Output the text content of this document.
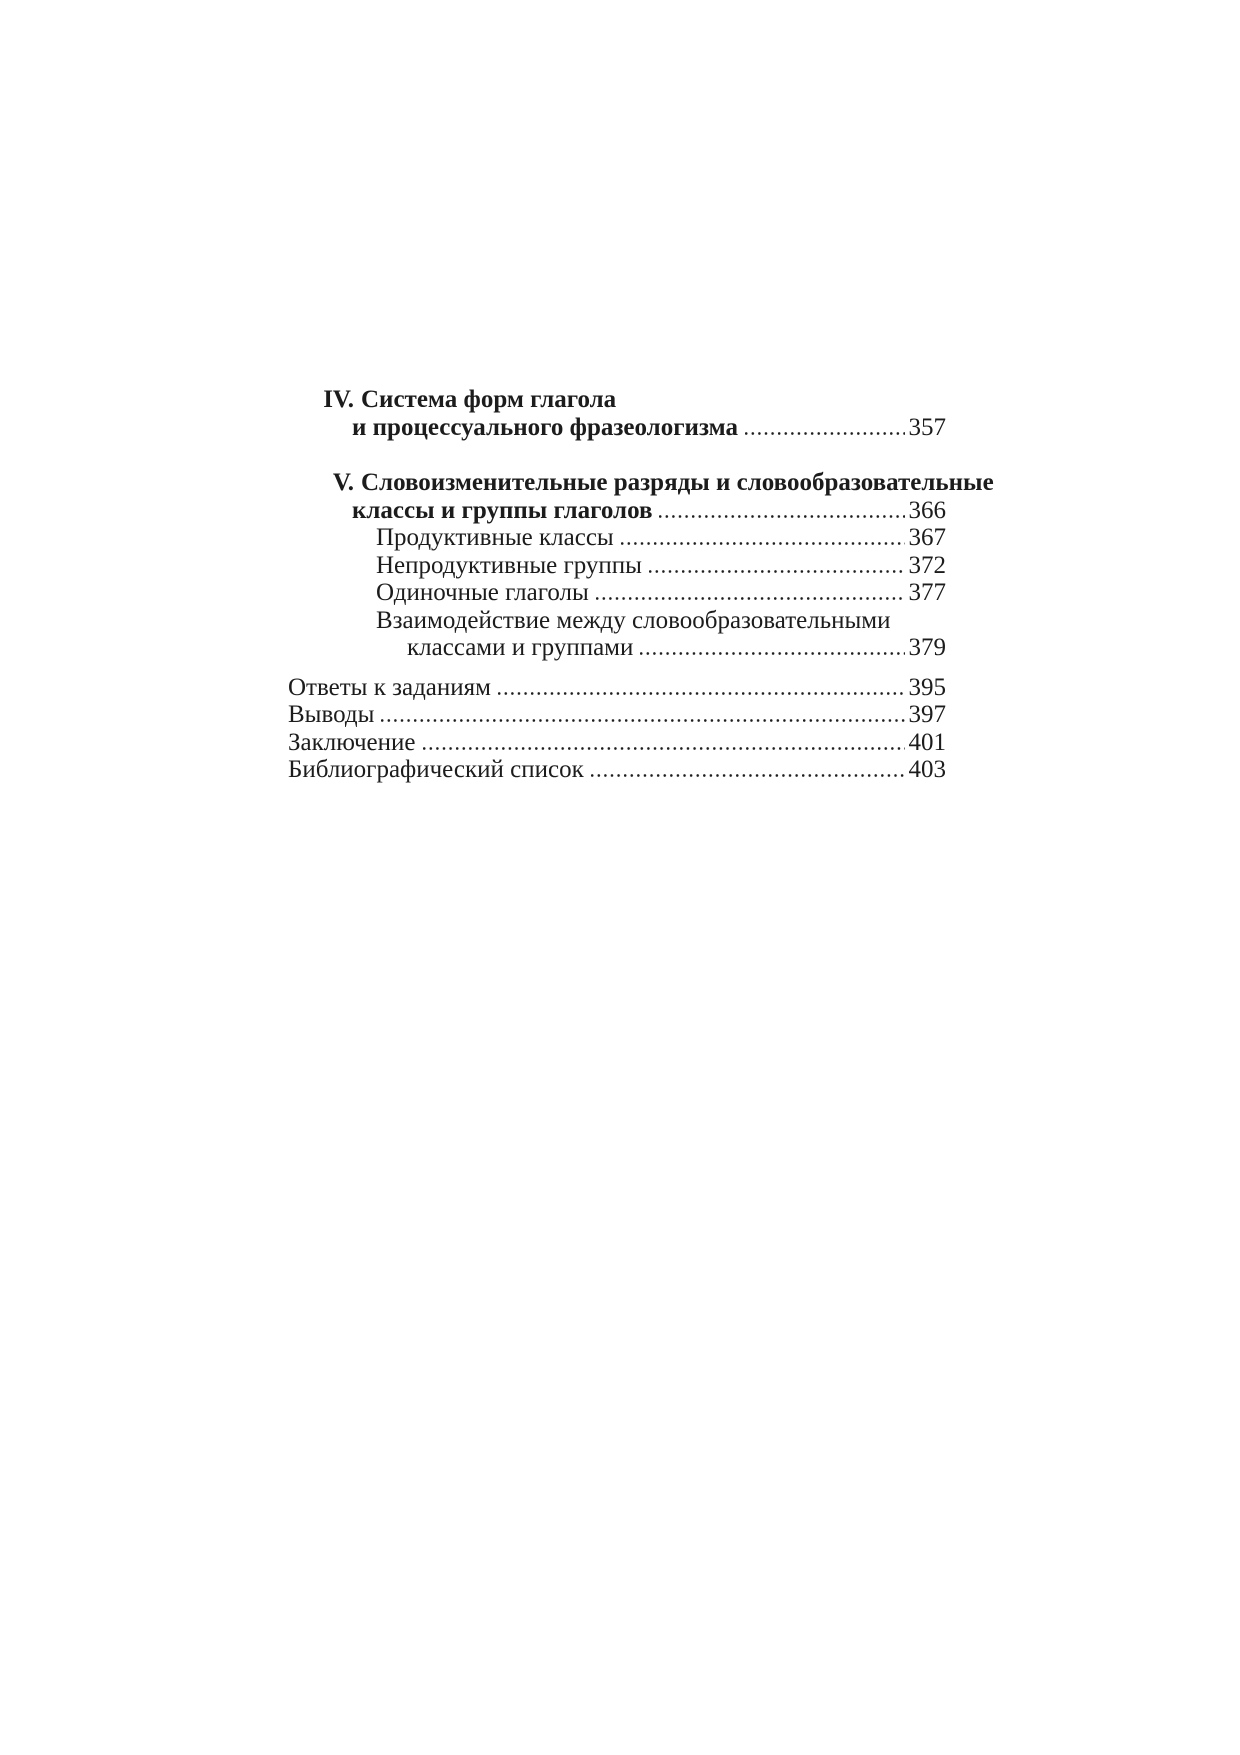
IV. Система форм глагола
и процессуального фразеологизма	357
V. Словоизменительные разряды и словообразовательные
классы и группы глаголов	366
Продуктивные классы	367
Непродуктивные группы	372
Одиночные глаголы	377
Взаимодействие между словообразовательными
классами и группами	379
Ответы к заданиям	395
Выводы	397
Заключение	401
Библиографический список	403
